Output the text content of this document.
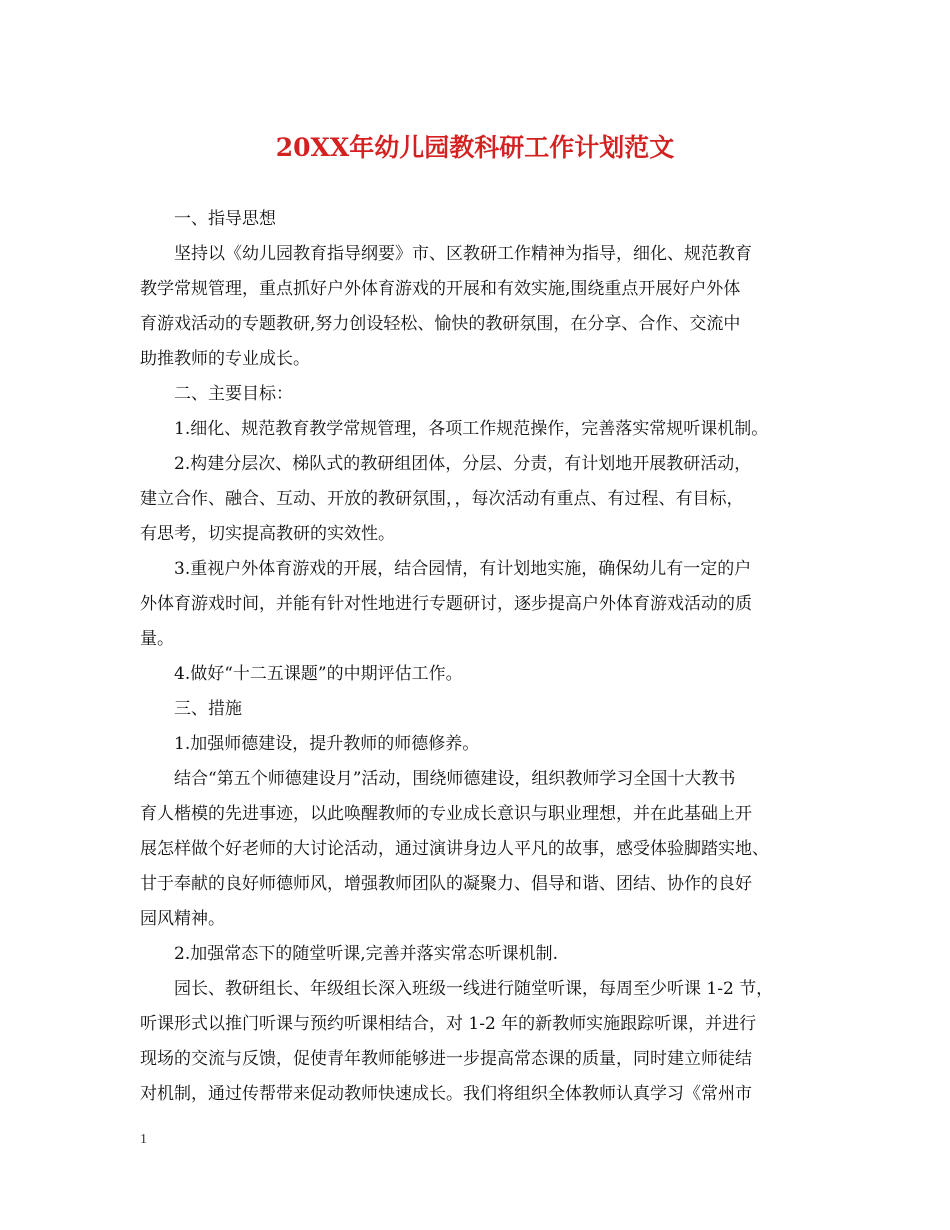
20XX年幼儿园教科研工作计划范文
一、指导思想
坚持以《幼儿园教育指导纲要》市、区教研工作精神为指导，细化、规范教育
教学常规管理，重点抓好户外体育游戏的开展和有效实施,围绕重点开展好户外体
育游戏活动的专题教研,努力创设轻松、愉快的教研氛围，在分享、合作、交流中
助推教师的专业成长。
二、主要目标：
1.细化、规范教育教学常规管理，各项工作规范操作，完善落实常规听课机制。
2.构建分层次、梯队式的教研组团体，分层、分责，有计划地开展教研活动，
建立合作、融合、互动、开放的教研氛围，，每次活动有重点、有过程、有目标，
有思考，切实提高教研的实效性。
3.重视户外体育游戏的开展，结合园情，有计划地实施，确保幼儿有一定的户
外体育游戏时间，并能有针对性地进行专题研讨，逐步提高户外体育游戏活动的质
量。
4.做好“十二五课题”的中期评估工作。
三、措施
1.加强师德建设，提升教师的师德修养。
结合“第五个师德建设月”活动，围绕师德建设，组织教师学习全国十大教书
育人楷模的先进事迹，以此唤醒教师的专业成长意识与职业理想，并在此基础上开
展怎样做个好老师的大讨论活动，通过演讲身边人平凡的故事，感受体验脚踏实地、
甘于奉献的良好师德师风，增强教师团队的凝聚力、倡导和谐、团结、协作的良好
园风精神。
2.加强常态下的随堂听课,完善并落实常态听课机制.
园长、教研组长、年级组长深入班级一线进行随堂听课，每周至少听课 1-2 节，
听课形式以推门听课与预约听课相结合，对 1-2 年的新教师实施跟踪听课，并进行
现场的交流与反馈，促使青年教师能够进一步提高常态课的质量，同时建立师徒结
对机制，通过传帮带来促动教师快速成长。我们将组织全体教师认真学习《常州市
1
